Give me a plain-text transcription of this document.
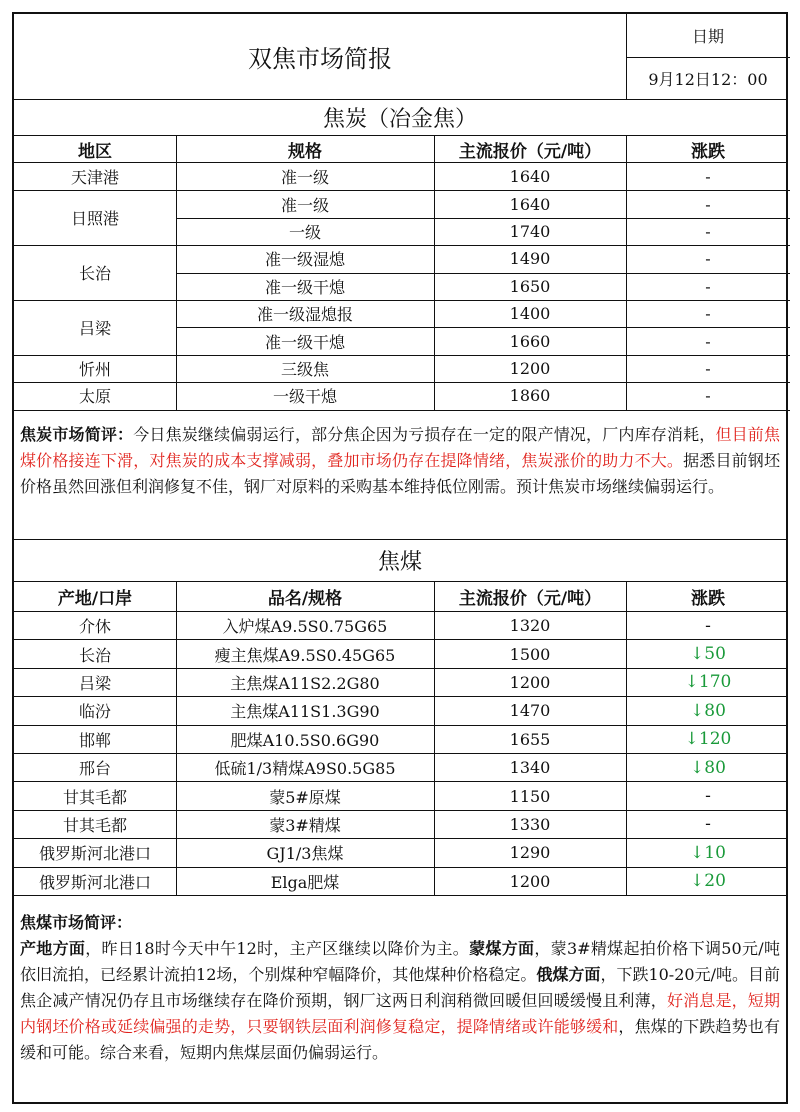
双焦市场简报
日期
9月12日12：00
焦炭（冶金焦）
地区	规格	主流报价（元/吨）	涨跌
天津港	准一级	1640	-
日照港
准一级	1640	-
一级	1740	-
长治
准一级湿熄	1490	-
准一级干熄	1650	-
吕梁
准一级湿熄报	1400	-
准一级干熄	1660	-
忻州	三级焦	1200	-
太原	一级干熄	1860	-

焦炭市场简评：今日焦炭继续偏弱运行，部分焦企因为亏损存在一定的限产情况，厂内库存消耗，但目前焦煤价格接连下滑，对焦炭的成本支撑减弱，叠加市场仍存在提降情绪，焦炭涨价的助力不大。据悉目前钢坯价格虽然回涨但利润修复不佳，钢厂对原料的采购基本维持低位刚需。预计焦炭市场继续偏弱运行。

焦煤
产地/口岸	品名/规格	主流报价（元/吨）	涨跌
介休	入炉煤A9.5S0.75G65	1320	-
长治	瘦主焦煤A9.5S0.45G65	1500	↓50
吕梁	主焦煤A11S2.2G80	1200	↓170
临汾	主焦煤A11S1.3G90	1470	↓80
邯郸	肥煤A10.5S0.6G90	1655	↓120
邢台	低硫1/3精煤A9S0.5G85	1340	↓80
甘其毛都	蒙5#原煤	1150	-
甘其毛都	蒙3#精煤	1330	-
俄罗斯河北港口	GJ1/3焦煤	1290	↓10
俄罗斯河北港口	Elga肥煤	1200	↓20

焦煤市场简评：
产地方面，昨日18时今天中午12时，主产区继续以降价为主。蒙煤方面，蒙3#精煤起拍价格下调50元/吨依旧流拍，已经累计流拍12场，个别煤种窄幅降价，其他煤种价格稳定。俄煤方面，下跌10-20元/吨。目前焦企减产情况仍存且市场继续存在降价预期，钢厂这两日利润稍微回暖但回暖缓慢且利薄，好消息是，短期内钢坯价格或延续偏强的走势，只要钢铁层面利润修复稳定，提降情绪或许能够缓和，焦煤的下跌趋势也有缓和可能。综合来看，短期内焦煤层面仍偏弱运行。
